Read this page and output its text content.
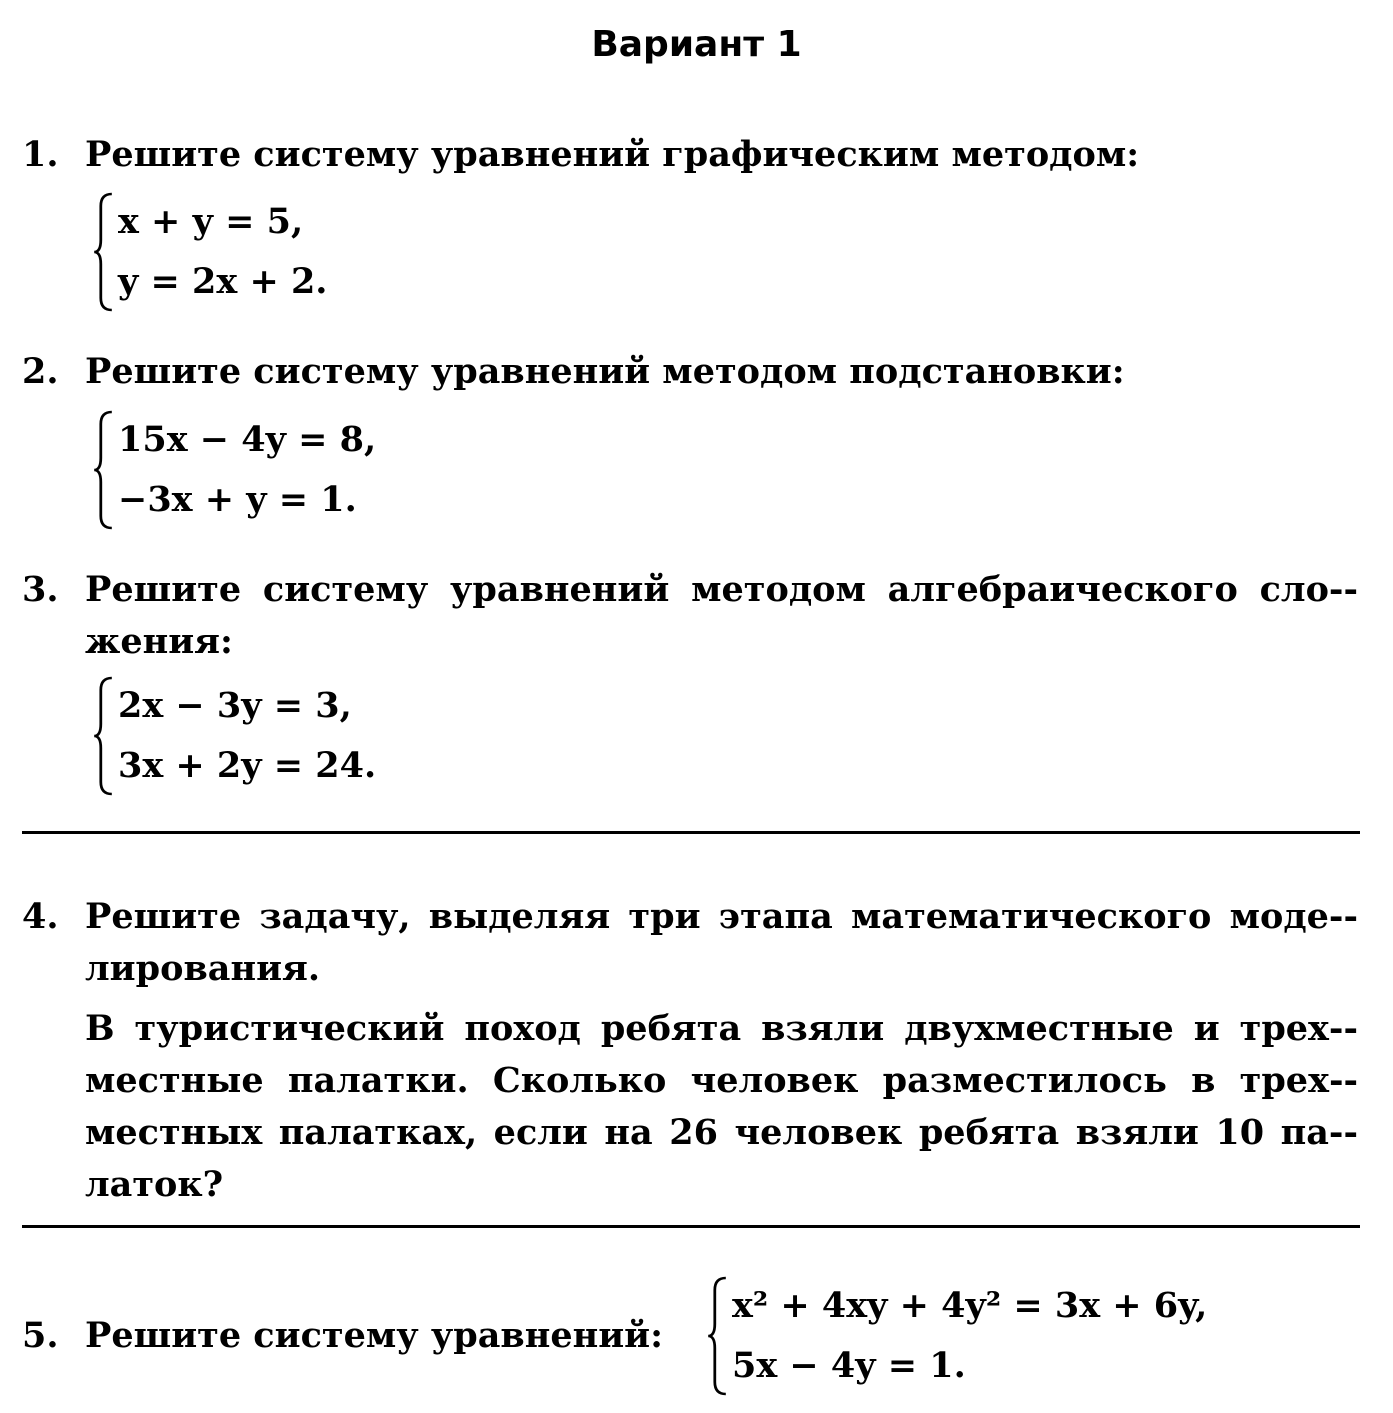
Вариант 1
1. Решите систему уравнений графическим методом:

x + y = 5,
y = 2x + 2.
2. Решите систему уравнений методом подстановки:

15x − 4y = 8,
−3x + y = 1.
3. Решите систему уравнений методом алгебраического сло-жения:

2x − 3y = 3,
3x + 2y = 24.
4. Решите задачу, выделяя три этапа математического моде-лирования.

В туристический поход ребята взяли двухместные и трех-местные палатки. Сколько человек разместилось в трех-местных палатках, если на 26 человек ребята взяли 10 па-латок?

5. Решите систему уравнений:

x² + 4xy + 4y² = 3x + 6y,
5x − 4y = 1.
